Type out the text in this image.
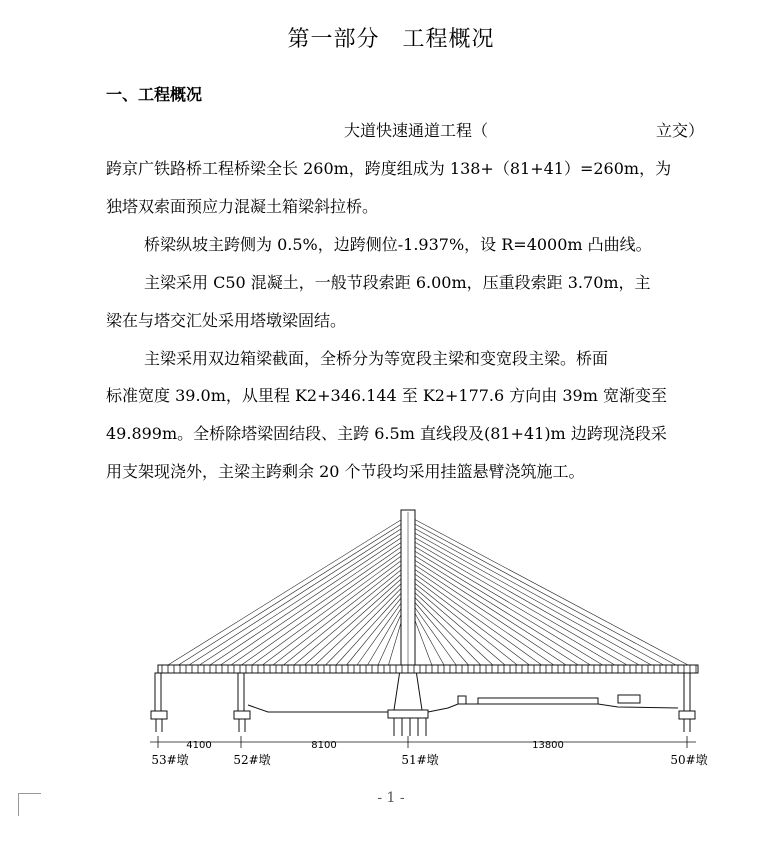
第一部分　工程概况
一、工程概况
大道快速通道工程（	立交）
跨京广铁路桥工程桥梁全长 260m，跨度组成为 138+（81+41）=260m，为
独塔双索面预应力混凝土箱梁斜拉桥。
桥梁纵坡主跨侧为 0.5%，边跨侧位-1.937%，设 R=4000m 凸曲线。
主梁采用 C50 混凝土，一般节段索距 6.00m，压重段索距 3.70m，主
梁在与塔交汇处采用塔墩梁固结。
主梁采用双边箱梁截面，全桥分为等宽段主梁和变宽段主梁。桥面
标准宽度 39.0m，从里程 K2+346.144 至 K2+177.6 方向由 39m 宽渐变至
49.899m。全桥除塔梁固结段、主跨 6.5m 直线段及(81+41)m 边跨现浇段采
用支架现浇外，主梁主跨剩余 20 个节段均采用挂篮悬臂浇筑施工。
4100	8100	13800
53#墩	52#墩	51#墩	50#墩
- 1 -
